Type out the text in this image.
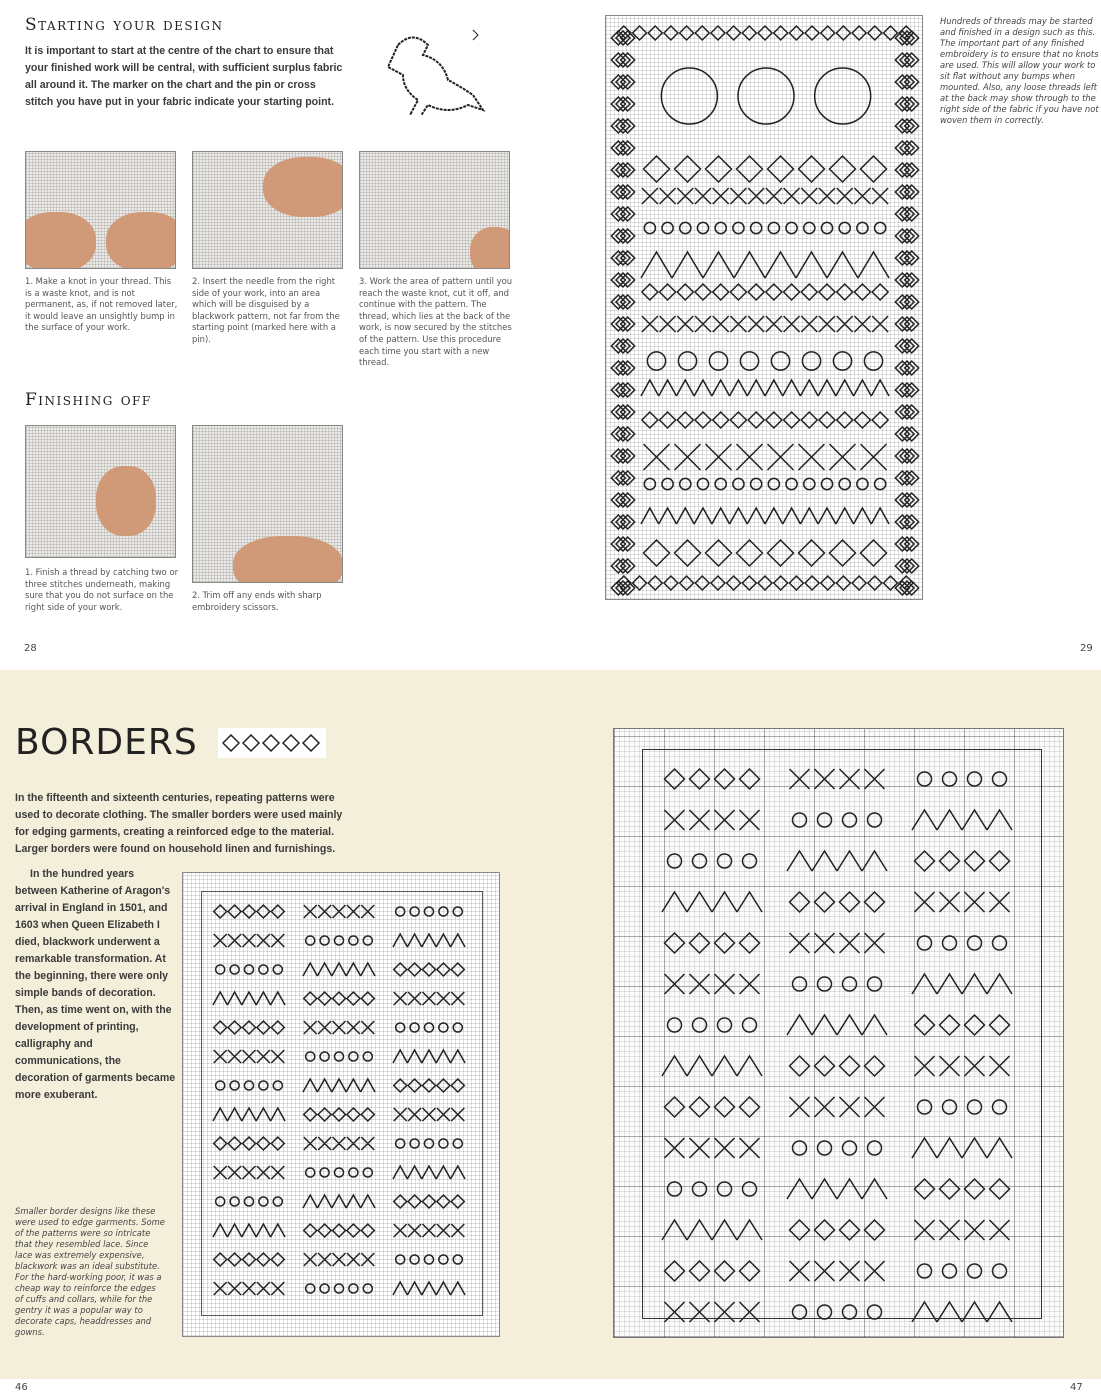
Starting your design
It is important to start at the centre of the chart to ensure that your finished work will be central, with sufficient surplus fabric all around it. The marker on the chart and the pin or cross stitch you have put in your fabric indicate your starting point.
1. Make a knot in your thread. This is a waste knot, and is not permanent, as, if not removed later, it would leave an unsightly bump in the surface of your work.
2. Insert the needle from the right side of your work, into an area which will be disguised by a blackwork pattern, not far from the starting point (marked here with a pin).
3. Work the area of pattern until you reach the waste knot, cut it off, and continue with the pattern. The thread, which lies at the back of the work, is now secured by the stitches of the pattern. Use this procedure each time you start with a new thread.
Finishing off
1. Finish a thread by catching two or three stitches underneath, making sure that you do not surface on the right side of your work.
2. Trim off any ends with sharp embroidery scissors.
28
Hundreds of threads may be started and finished in a design such as this. The important part of any finished embroidery is to ensure that no knots are used. This will allow your work to sit flat without any bumps when mounted. Also, any loose threads left at the back may show through to the right side of the fabric if you have not woven them in correctly.
29
BORDERS
In the fifteenth and sixteenth centuries, repeating patterns were used to decorate clothing. The smaller borders were used mainly for edging garments, creating a reinforced edge to the material. Larger borders were found on household linen and furnishings.
In the hundred years between Katherine of Aragon's arrival in England in 1501, and 1603 when Queen Elizabeth I died, blackwork underwent a remarkable transformation. At the beginning, there were only simple bands of decoration. Then, as time went on, with the development of printing, calligraphy and communications, the decoration of garments became more exuberant.
Smaller border designs like these were used to edge garments. Some of the patterns were so intricate that they resembled lace. Since lace was extremely expensive, blackwork was an ideal substitute. For the hard-working poor, it was a cheap way to reinforce the edges of cuffs and collars, while for the gentry it was a popular way to decorate caps, headdresses and gowns.
46	47
